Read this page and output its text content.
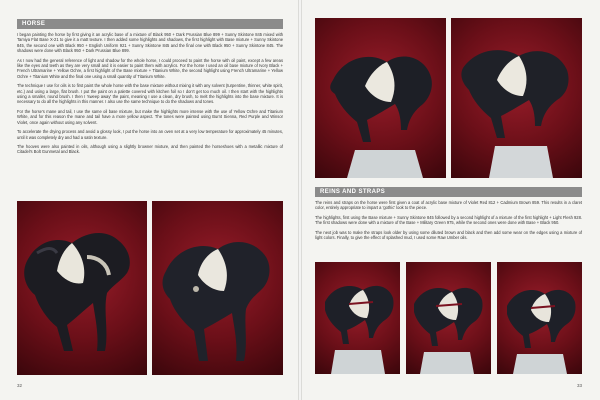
HORSE

I began painting the horse by first giving it an acrylic base of a mixture of Black 950 + Dark Prussian Blue 899 + Sunny Skintone 845 mixed with Tamiya Flat Base X-21 to give it a matt texture. I then added some highlights and shadows, the first highlight with Base mixture + Sunny Skintone 845, the second one with Black 950 + English Uniform 921 + Sunny Skintone 845 and the final one with Black 950 + Sunny Skintone 845. The shadows were done with Black 950 + Dark Prussian Blue 899.

As I now had the general reference of light and shadow for the whole horse, I could proceed to paint the horse with oil paint, except a few areas like the eyes and teeth as they are very small and it is easier to paint them with acrylics. For the horse I used an oil base mixture of Ivory Black + French Ultramarine + Yellow Ochre, a first highlight of the Base mixture + Titanium White, the second highlight using French Ultramarine + Yellow Ochre + Titanium White and the final one using a small quantity of Titanium White.

The technique I use for oils is to first paint the whole horse with the base mixture without mixing it with any solvent (turpentine, thinner, white spirit, etc.) and using a large, flat brush. I put the paint on a palette covered with kitchen foil so I don't get too much oil. I then start with the highlights using a smaller, round brush. I then I 'sweep away' the paint, meaning I use a clean, dry brush, to melt the highlights into the base mixture. It is necessary to do all the highlights in this manner. I also use the same technique to do the shadows and tones.

For the horse's mane and tail, I use the same oil base mixture, but make the highlights more intense with the use of Yellow Ochre and Titanium White, and for this reason the mane and tail have a more yellow aspect. The tones were painted using Burnt Sienna, Red Purple and Winsor Violet, once again without using any solvent.

To accelerate the drying process and avoid a glossy look, I put the horse into an oven set at a very low temperature for approximately 45 minutes, until it was completely dry and had a satin texture.

The hooves were also painted in oils, although using a slightly browner mixture, and then painted the horseshoes with a metallic mixture of Citadel's Bolt Gunmetal and Black.

32
REINS AND STRAPS

The reins and straps on the horse were first given a coat of acrylic base mixture of Violet Red 812 + Cadmium Brown 859. This results in a claret color, entirely appropriate to impart a 'gothic' look to the piece.

The highlights, first using the Base mixture + Sunny Skintone 845 followed by a second highlight of a mixture of the first highlight + Light Flesh 928. The first shadows were done with a mixture of the Base + Military Green 975, while the second ones were done with Base + Black 950.

The next job was to make the straps look older by using some diluted brown and black and then add some wear on the edges using a mixture of light colors. Finally, to give the effect of splashed mud, I used some Raw Umber oils.

33
